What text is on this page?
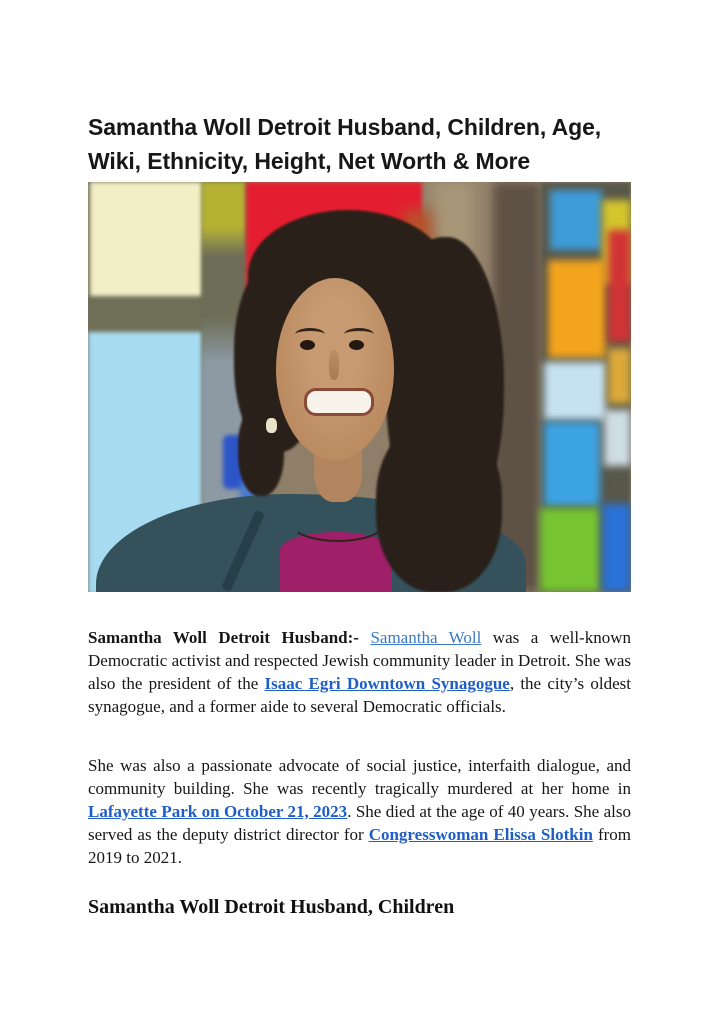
Samantha Woll Detroit Husband, Children, Age,
Wiki, Ethnicity, Height, Net Worth & More

Samantha Woll Detroit Husband:- Samantha Woll was a well-known Democratic activist and respected Jewish community leader in Detroit. She was also the president of the Isaac Egri Downtown Synagogue, the city’s oldest synagogue, and a former aide to several Democratic officials.

She was also a passionate advocate of social justice, interfaith dialogue, and community building. She was recently tragically murdered at her home in Lafayette Park on October 21, 2023. She died at the age of 40 years. She also served as the deputy district director for Congresswoman Elissa Slotkin from 2019 to 2021.

Samantha Woll Detroit Husband, Children
